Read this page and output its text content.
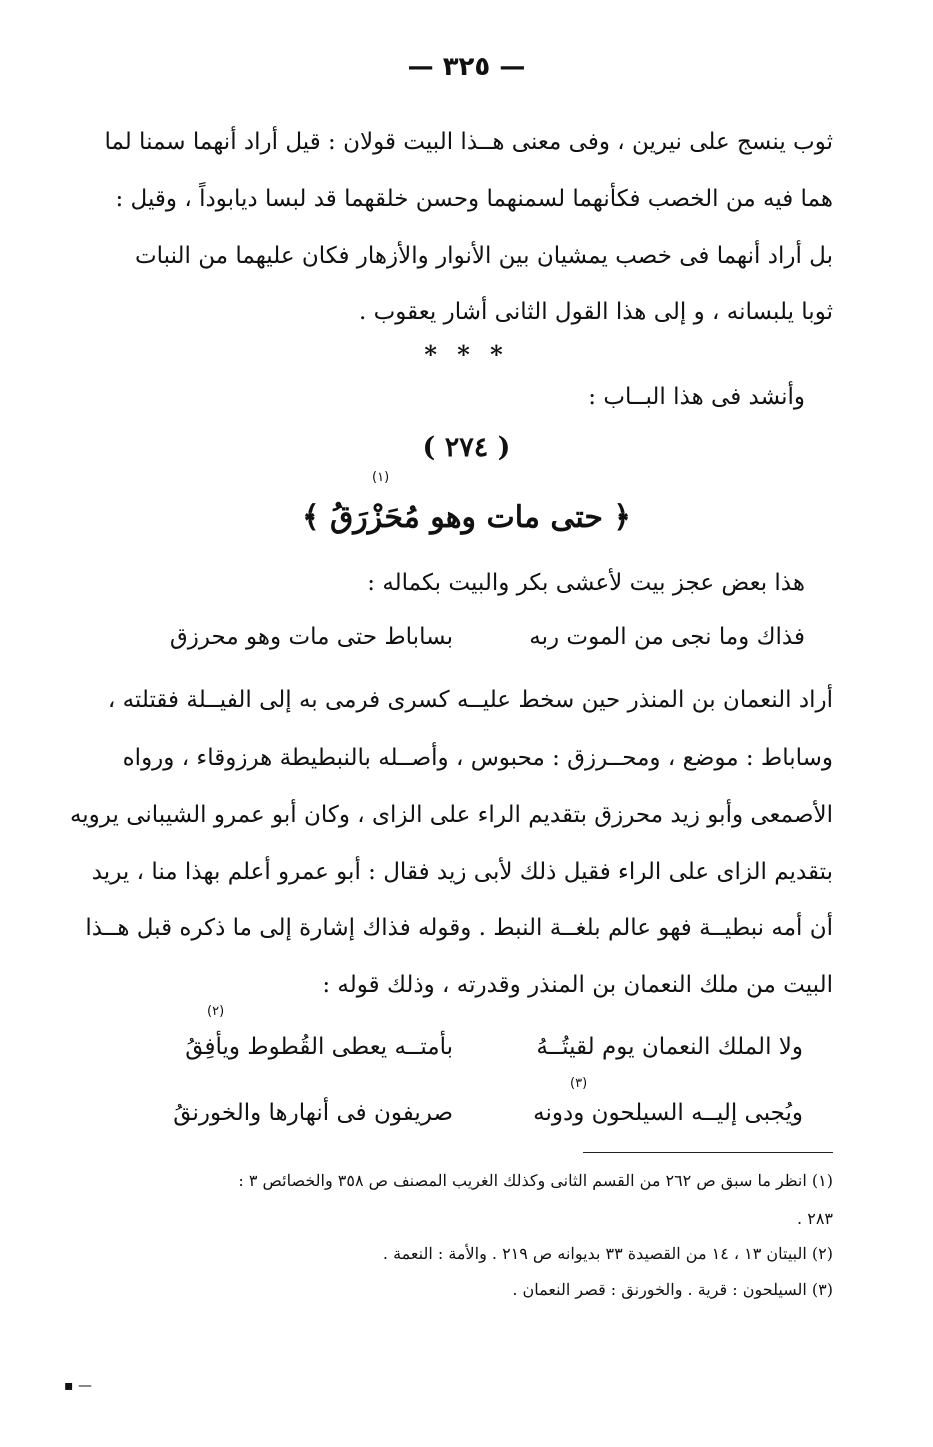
— ٣٢٥ —
ثوب ينسج على نيرين ، وفى معنى هــذا البيت قولان : قيل أراد أنهما سمنا لما
هما فيه من الخصب فكأنهما لسمنهما وحسن خلقهما قد لبسا ديابوداً ، وقيل :
بل أراد أنهما فى خصب يمشيان بين الأنوار والأزهار فكان عليهما من النبات
ثوبا يلبسانه ، و إلى هذا القول الثانى أشار يعقوب .
* * *
وأنشد فى هذا البــاب :
( ٢٧٤ )
(١)
﴿ حتى مات وهو مُحَزْرَقُ ﴾
هذا بعض عجز بيت لأعشى بكر والبيت بكماله :
فذاك وما نجى من الموت ربه
بساباط حتى مات وهو محرزق
أراد النعمان بن المنذر حين سخط عليــه كسرى فرمى به إلى الفيــلة فقتلته ،
وساباط : موضع ، ومحــرزق : محبوس ، وأصــله بالنبطيطة هرزوقاء ، ورواه
الأصمعى وأبو زيد محرزق بتقديم الراء على الزاى ، وكان أبو عمرو الشيبانى يرويه
بتقديم الزاى على الراء فقيل ذلك لأبى زيد فقال : أبو عمرو أعلم بهذا منا ، يريد
أن أمه نبطيــة فهو عالم بلغــة النبط . وقوله فذاك إشارة إلى ما ذكره قبل هــذا
البيت من ملك النعمان بن المنذر وقدرته ، وذلك قوله :
(٢)
ولا الملك النعمان يوم لقيتُــهُ
بأمتــه يعطى القُطوط ويأفِقُ
(٣)
ويُجبى إليــه السيلحون ودونه
صريفون فى أنهارها والخورنقُ
(١) انظر ما سبق ص ٢٦٢ من القسم الثانى وكذلك الغريب المصنف ص ٣٥٨ والخصائص ٣ :
٢٨٣ .
(٢) البيتان ١٣ ، ١٤ من القصيدة ٣٣ بديوانه ص ٢١٩ . والأمة : النعمة .
(٣) السيلحون : قرية . والخورنق : قصر النعمان .
▪ —
